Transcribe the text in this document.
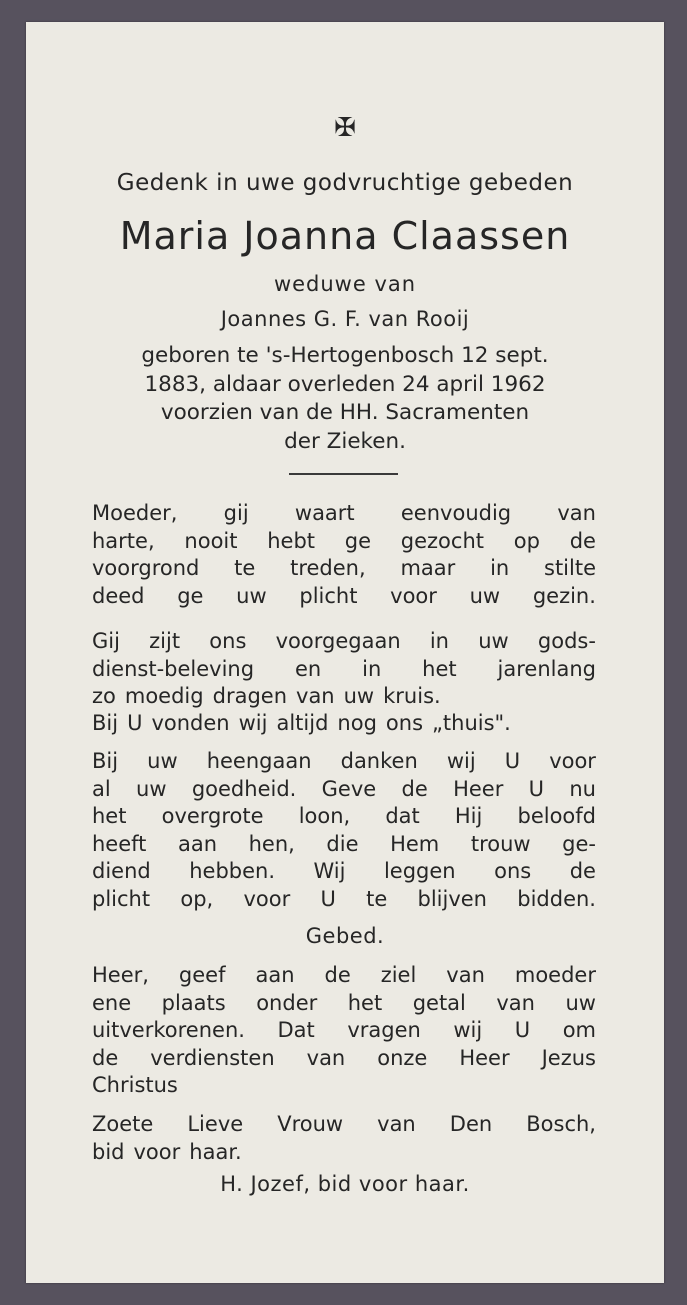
✠
Gedenk in uwe godvruchtige gebeden
Maria Joanna Claassen
weduwe van
Joannes G. F. van Rooij
geboren te 's-Hertogenbosch 12 sept.
1883, aldaar overleden 24 april 1962
voorzien van de HH. Sacramenten
der Zieken.
Moeder, gij waart eenvoudig van
harte, nooit hebt ge gezocht op de
voorgrond te treden, maar in stilte
deed ge uw plicht voor uw gezin.
Gij zijt ons voorgegaan in uw gods-
dienst-beleving en in het jarenlang
zo moedig dragen van uw kruis.
Bij U vonden wij altijd nog ons „thuis".
Bij uw heengaan danken wij U voor
al uw goedheid. Geve de Heer U nu
het overgrote loon, dat Hij beloofd
heeft aan hen, die Hem trouw ge-
diend hebben. Wij leggen ons de
plicht op, voor U te blijven bidden.
Gebed.
Heer, geef aan de ziel van moeder
ene plaats onder het getal van uw
uitverkorenen. Dat vragen wij U om
de verdiensten van onze Heer Jezus
Christus
Zoete Lieve Vrouw van Den Bosch,
bid voor haar.
H. Jozef, bid voor haar.
